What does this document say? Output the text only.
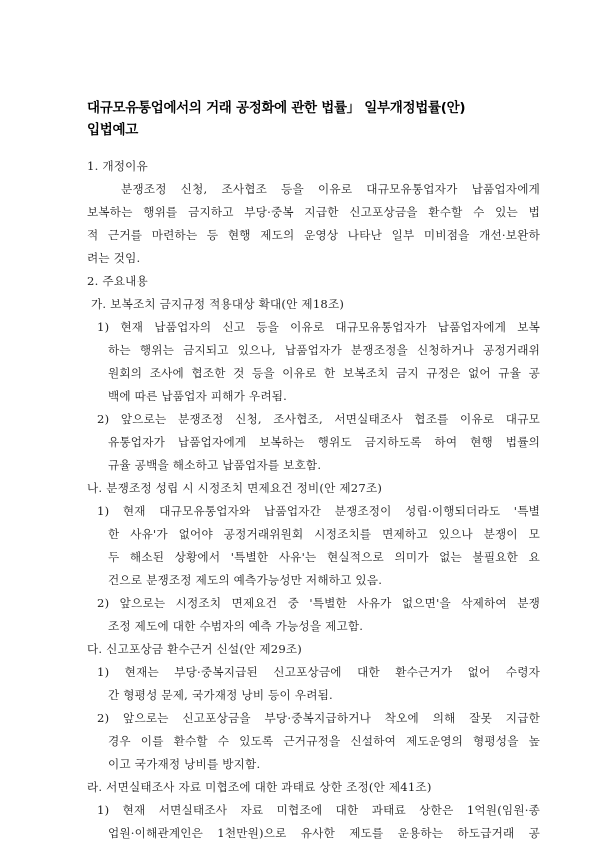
대규모유통업에서의 거래 공정화에 관한 법률」 일부개정법률(안)
입법예고
1. 개정이유
분쟁조정 신청, 조사협조 등을 이유로 대규모유통업자가 납품업자에게
보복하는 행위를 금지하고 부당·중복 지급한 신고포상금을 환수할 수 있는 법
적 근거를 마련하는 등 현행 제도의 운영상 나타난 일부 미비점을 개선·보완하
려는 것임.
2. 주요내용
가. 보복조치 금지규정 적용대상 확대(안 제18조)
1) 현재 납품업자의 신고 등을 이유로 대규모유통업자가 납품업자에게 보복
하는 행위는 금지되고 있으나, 납품업자가 분쟁조정을 신청하거나 공정거래위
원회의 조사에 협조한 것 등을 이유로 한 보복조치 금지 규정은 없어 규율 공
백에 따른 납품업자 피해가 우려됨.
2) 앞으로는 분쟁조정 신청, 조사협조, 서면실태조사 협조를 이유로 대규모
유통업자가 납품업자에게 보복하는 행위도 금지하도록 하여 현행 법률의
규율 공백을 해소하고 납품업자를 보호함.
나. 분쟁조정 성립 시 시정조치 면제요건 정비(안 제27조)
1) 현재 대규모유통업자와 납품업자간 분쟁조정이 성립·이행되더라도 '특별
한 사유'가 없어야 공정거래위원회 시정조치를 면제하고 있으나 분쟁이 모
두 해소된 상황에서 '특별한 사유'는 현실적으로 의미가 없는 불필요한 요
건으로 분쟁조정 제도의 예측가능성만 저해하고 있음.
2) 앞으로는 시정조치 면제요건 중 '특별한 사유가 없으면'을 삭제하여 분쟁
조정 제도에 대한 수범자의 예측 가능성을 제고함.
다. 신고포상금 환수근거 신설(안 제29조)
1) 현재는 부당·중복지급된 신고포상금에 대한 환수근거가 없어 수령자
간 형평성 문제, 국가재정 낭비 등이 우려됨.
2) 앞으로는 신고포상금을 부당·중복지급하거나 착오에 의해 잘못 지급한
경우 이를 환수할 수 있도록 근거규정을 신설하여 제도운영의 형평성을 높
이고 국가재정 낭비를 방지함.
라. 서면실태조사 자료 미협조에 대한 과태료 상한 조정(안 제41조)
1) 현재 서면실태조사 자료 미협조에 대한 과태료 상한은 1억원(임원·종
업원·이해관계인은 1천만원)으로 유사한 제도를 운용하는 하도급거래 공
